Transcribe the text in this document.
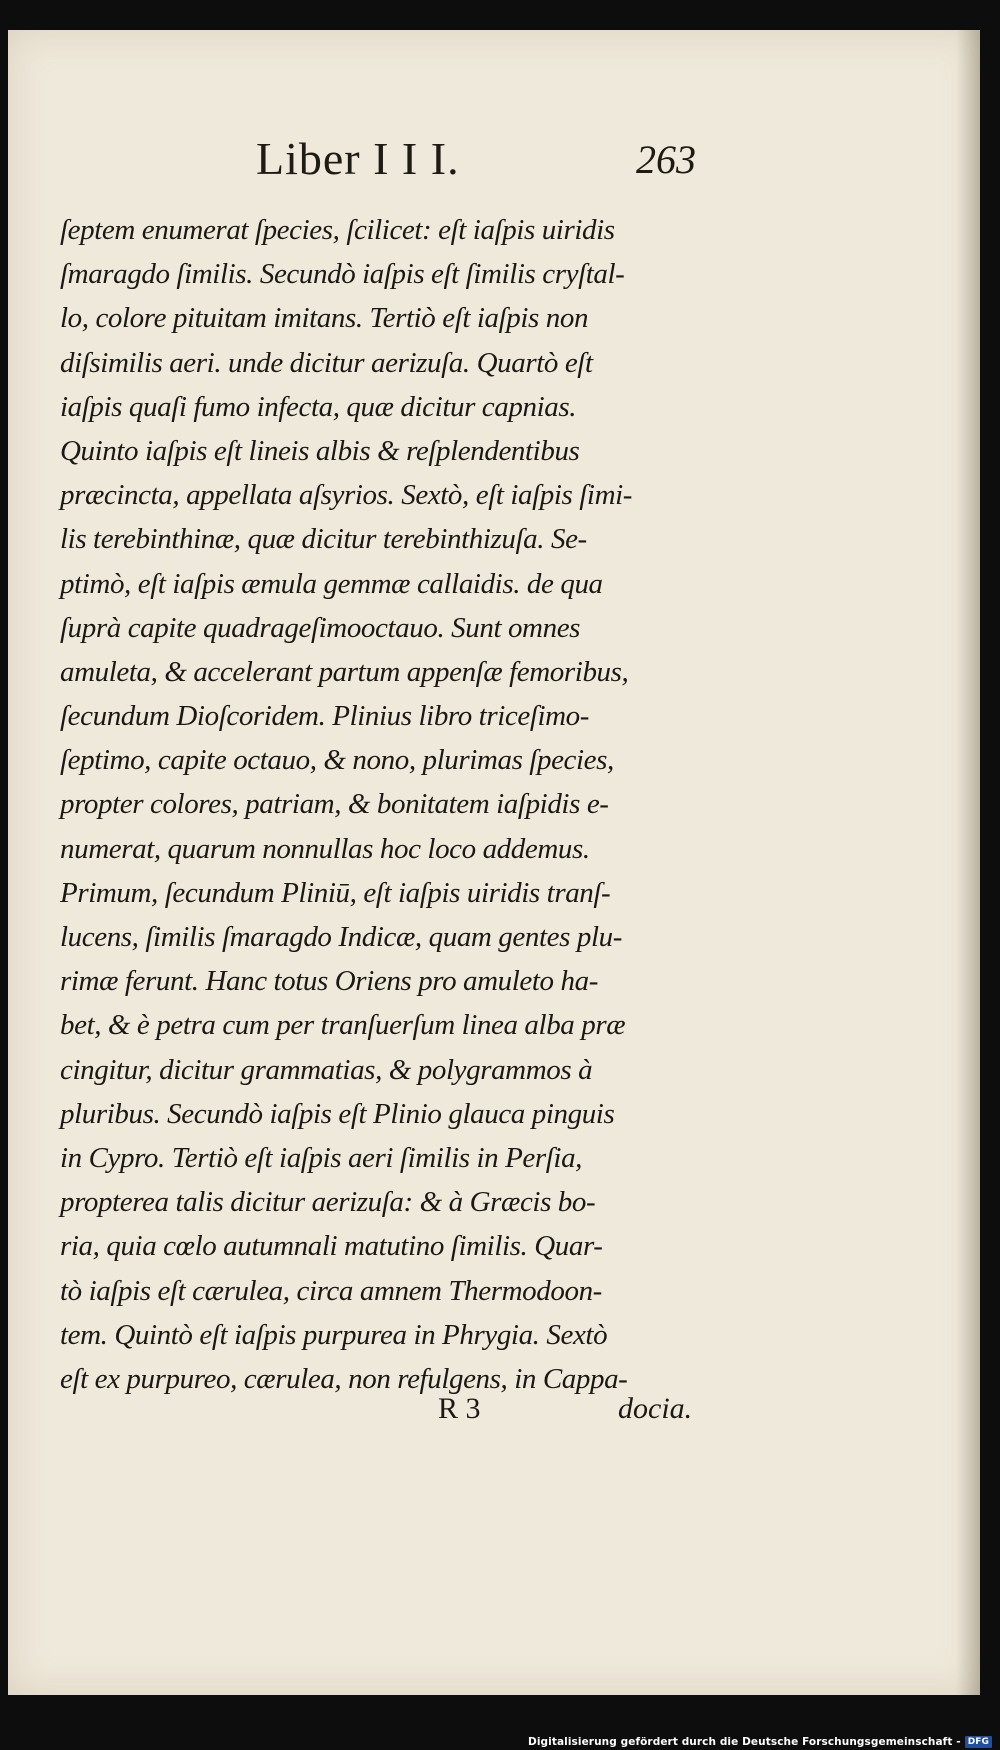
Liber I I I.	263
ſeptem enumerat ſpecies, ſcilicet: eſt iaſpis uiridis
ſmaragdo ſimilis. Secundò iaſpis eſt ſimilis cryſtal-
lo, colore pituitam imitans. Tertiò eſt iaſpis non
diſsimilis aeri. unde dicitur aerizuſa. Quartò eſt
iaſpis quaſi fumo infecta, quæ dicitur capnias.
Quinto iaſpis eſt lineis albis & reſplendentibus
præcincta, appellata aſsyrios. Sextò, eſt iaſpis ſimi-
lis terebinthinæ, quæ dicitur terebinthizuſa. Se-
ptimò, eſt iaſpis æmula gemmæ callaidis. de qua
ſuprà capite quadrageſimooctauo. Sunt omnes
amuleta, & accelerant partum appenſæ femoribus,
ſecundum Dioſcoridem. Plinius libro triceſimo-
ſeptimo, capite octauo, & nono, plurimas ſpecies,
propter colores, patriam, & bonitatem iaſpidis e-
numerat, quarum nonnullas hoc loco addemus.
Primum, ſecundum Pliniū, eſt iaſpis uiridis tranſ-
lucens, ſimilis ſmaragdo Indicæ, quam gentes plu-
rimæ ferunt. Hanc totus Oriens pro amuleto ha-
bet, & è petra cum per tranſuerſum linea alba præ
cingitur, dicitur grammatias, & polygrammos à
pluribus. Secundò iaſpis eſt Plinio glauca pinguis
in Cypro. Tertiò eſt iaſpis aeri ſimilis in Perſia,
propterea talis dicitur aerizuſa: & à Græcis bo-
ria, quia cœlo autumnali matutino ſimilis. Quar-
tò iaſpis eſt cærulea, circa amnem Thermodoon-
tem. Quintò eſt iaſpis purpurea in Phrygia. Sextò
eſt ex purpureo, cærulea, non refulgens, in Cappa-
R 3	docia.
Digitalisierung gefördert durch die Deutsche Forschungsgemeinschaft - DFG
